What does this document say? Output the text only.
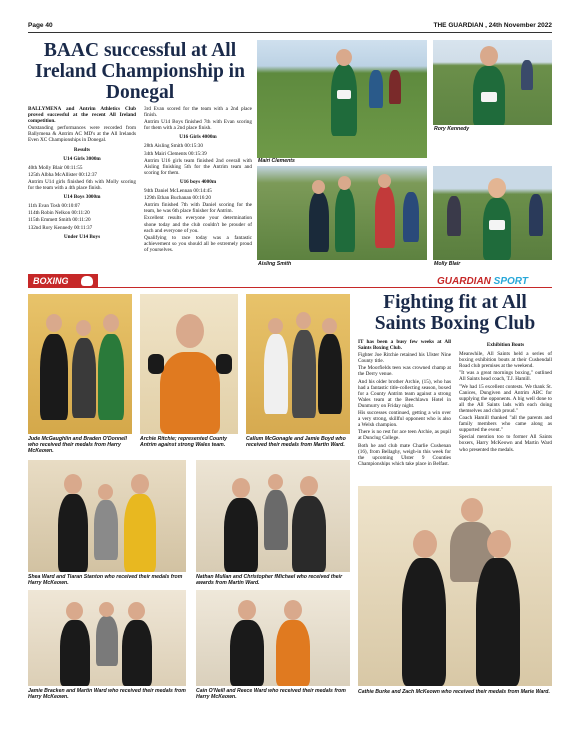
Page 40	THE GUARDIAN , 24th November 2022
BAAC successful at All Ireland Championship in Donegal

BALLYMENA and Antrim Athletics Club proved successful at the recent All Ireland competition.

Outstanding performances were recorded from Ballymena & Antrim AC MD's at the All Irelands Even XC Championships in Donegal.

Results

U14 Girls 3000m

40th Molly Blair 00:11:55

125th Albha McAllister 00:12:37

Antrim U14 girls finished 6th with Molly scoring for the team with a 4th place finish.

U14 Boys 3000m

11th Evan Tosh 00:10:07

114th Robin Nelkon 00:11:20

115th Emmett Smith 00:11:20

132nd Rory Kennedy 00:11:37

Under U14 Boys

3rd Evan scored for the team with a 2nd place finish.

Antrim U14 Boys finished 7th with Evan scoring for them with a 2nd place finish.

U16 Girls 4000m

28th Aisling Smith 00:15:30

34th Mairi Clements 00:15:39

Antrim U16 girls team finished 2nd overall with Aisling finishing 5th for the Antrim team and scoring for them.

U16 boys 4000m

94th Daniel McLennan 00:14:45

129th Ethan Buchanan 00:16:20

Antrim finished 7th with Daniel scoring for the team, he was 6th place finisher for Antrim.

Excellent results everyone your determination shone today and the club couldn't be prouder of each and everyone of you.

Qualifying to race today was a fantastic achievement so you should all be extremely proud of yourselves.

Mairi Clements
Rory Kennedy
Aisling Smith	Molly Blair
BOXING	GUARDIAN SPORT
Fighting fit at All Saints Boxing Club

IT has been a busy few weeks at All Saints Boxing Club.

Fighter Joe Ritchie retained his Ulster Nine County title.

The Moorfields teen was crowned champ at the Derry venue.

And his older brother Archie, (15), who has had a fantastic title-collecting season, boxed for a County Antrim team against a strong Wales team at the Beechlawn Hotel in Dunmurry on Friday night.

His successes continued, getting a win over a very strong, skillful opponent who is also a Welsh champion.

There is no rest for ace teen Archie, as pupil at Dunclug College.

Both he and club mate Charlie Cushenan (16), from Bellaghy, weigh-in this week for the upcoming Ulster 9 Counties Championships which take place in Belfast.

Exhibition Bouts

Meanwhile, All Saints held a series of boxing exhibition bouts at their Cushendall Road club premises at the weekend.

"It was a great mornings boxing," outlined All Saints head coach, T.J. Hamill.

"We had 15 excellent contests. We thank St. Canices, Dungiven and Antrim ABC for supplying the opponents. A big well done to all the All Saints lads with each doing themselves and club proud."

Coach Hamill thanked "all the parents and family members who came along as supported the event."

Special mention too to former All Saints boxers, Harry McKeown and Martin Ward who presented the medals.

Jude McGaughlin and Braden O'Donnell who received their medals from Harry McKeown.
Archie Ritchie; represented County Antrim against strong Wales team.
Callum McGonagle and Jamie Boyd who received their medals from Martin Ward.
Shea Ward and Tiaran Stanton who received their medals from Harry McKeown.
Nathan Mullan and Christopher fMichael who received their awards from Martin Ward.
Jamie Bracken and Martin Ward who received their medals from Harry McKeown.
Cain O'Neill and Reece Ward who received their medals from Harry McKeown.
Cathie Burke and Zach McKeown who received their medals from Marie Ward.
